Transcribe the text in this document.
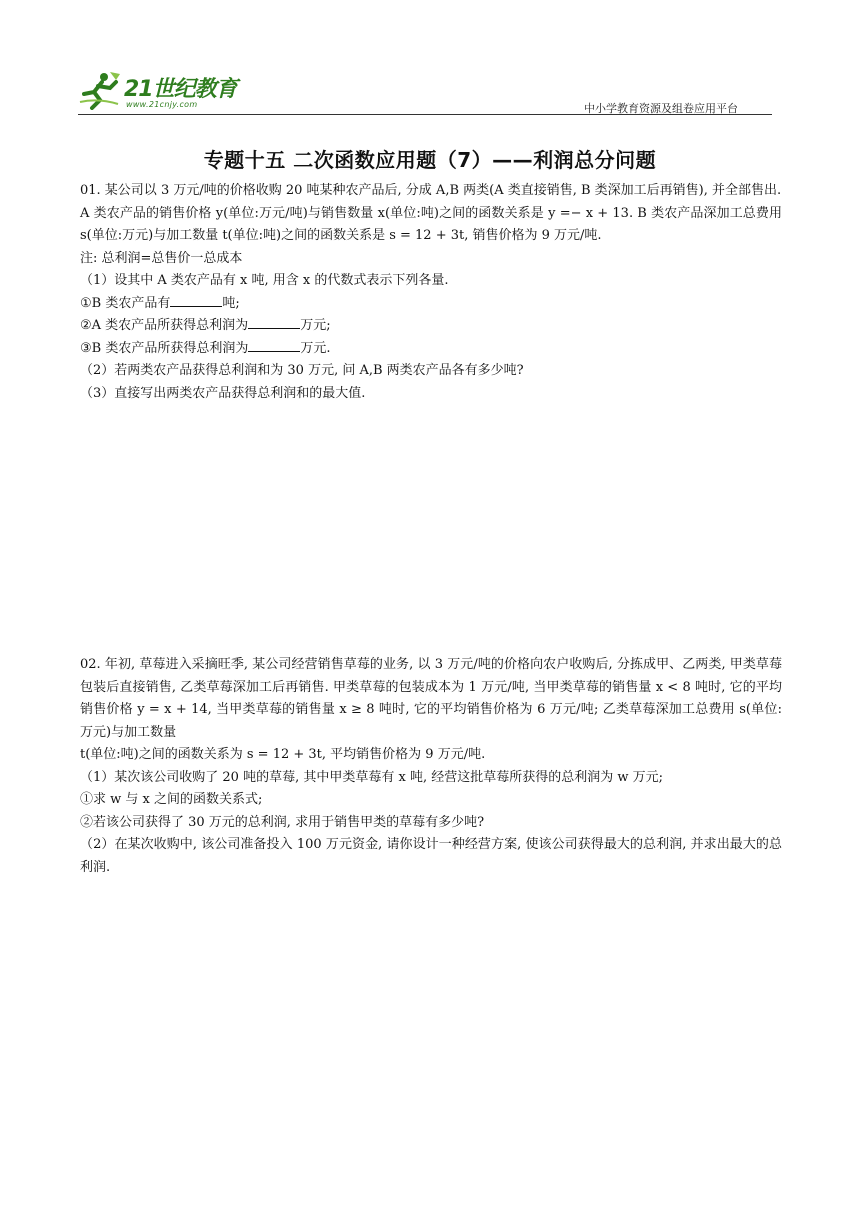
21世纪教育
www.21cnjy.com	中小学教育资源及组卷应用平台
专题十五 二次函数应用题（7）——利润总分问题

01. 某公司以 3 万元/吨的价格收购 20 吨某种农产品后, 分成 A,B 两类(A 类直接销售, B 类深加工后再销售), 并全部售出.

A 类农产品的销售价格 y(单位:万元/吨)与销售数量 x(单位:吨)之间的函数关系是 y =− x + 13. B 类农产品深加工总费用 s(单位:万元)与加工数量 t(单位:吨)之间的函数关系是 s = 12 + 3t, 销售价格为 9 万元/吨.

注: 总利润=总售价一总成本

（1）设其中 A 类农产品有 x 吨, 用含 x 的代数式表示下列各量.

①B 类农产品有	吨;

②A 类农产品所获得总利润为	万元;

③B 类农产品所获得总利润为	万元.

（2）若两类农产品获得总利润和为 30 万元, 问 A,B 两类农产品各有多少吨?

（3）直接写出两类农产品获得总利润和的最大值.

02. 年初, 草莓进入采摘旺季, 某公司经营销售草莓的业务, 以 3 万元/吨的价格向农户收购后, 分拣成甲、乙两类, 甲类草莓包装后直接销售, 乙类草莓深加工后再销售. 甲类草莓的包装成本为 1 万元/吨, 当甲类草莓的销售量 x < 8 吨时, 它的平均销售价格 y = x + 14, 当甲类草莓的销售量 x ≥ 8 吨时, 它的平均销售价格为 6 万元/吨; 乙类草莓深加工总费用 s(单位:万元)与加工数量

t(单位:吨)之间的函数关系为 s = 12 + 3t, 平均销售价格为 9 万元/吨.

（1）某次该公司收购了 20 吨的草莓, 其中甲类草莓有 x 吨, 经营这批草莓所获得的总利润为 w 万元;

①求 w 与 x 之间的函数关系式;

②若该公司获得了 30 万元的总利润, 求用于销售甲类的草莓有多少吨?

（2）在某次收购中, 该公司准备投入 100 万元资金, 请你设计一种经营方案, 使该公司获得最大的总利润, 并求出最大的总利润.
